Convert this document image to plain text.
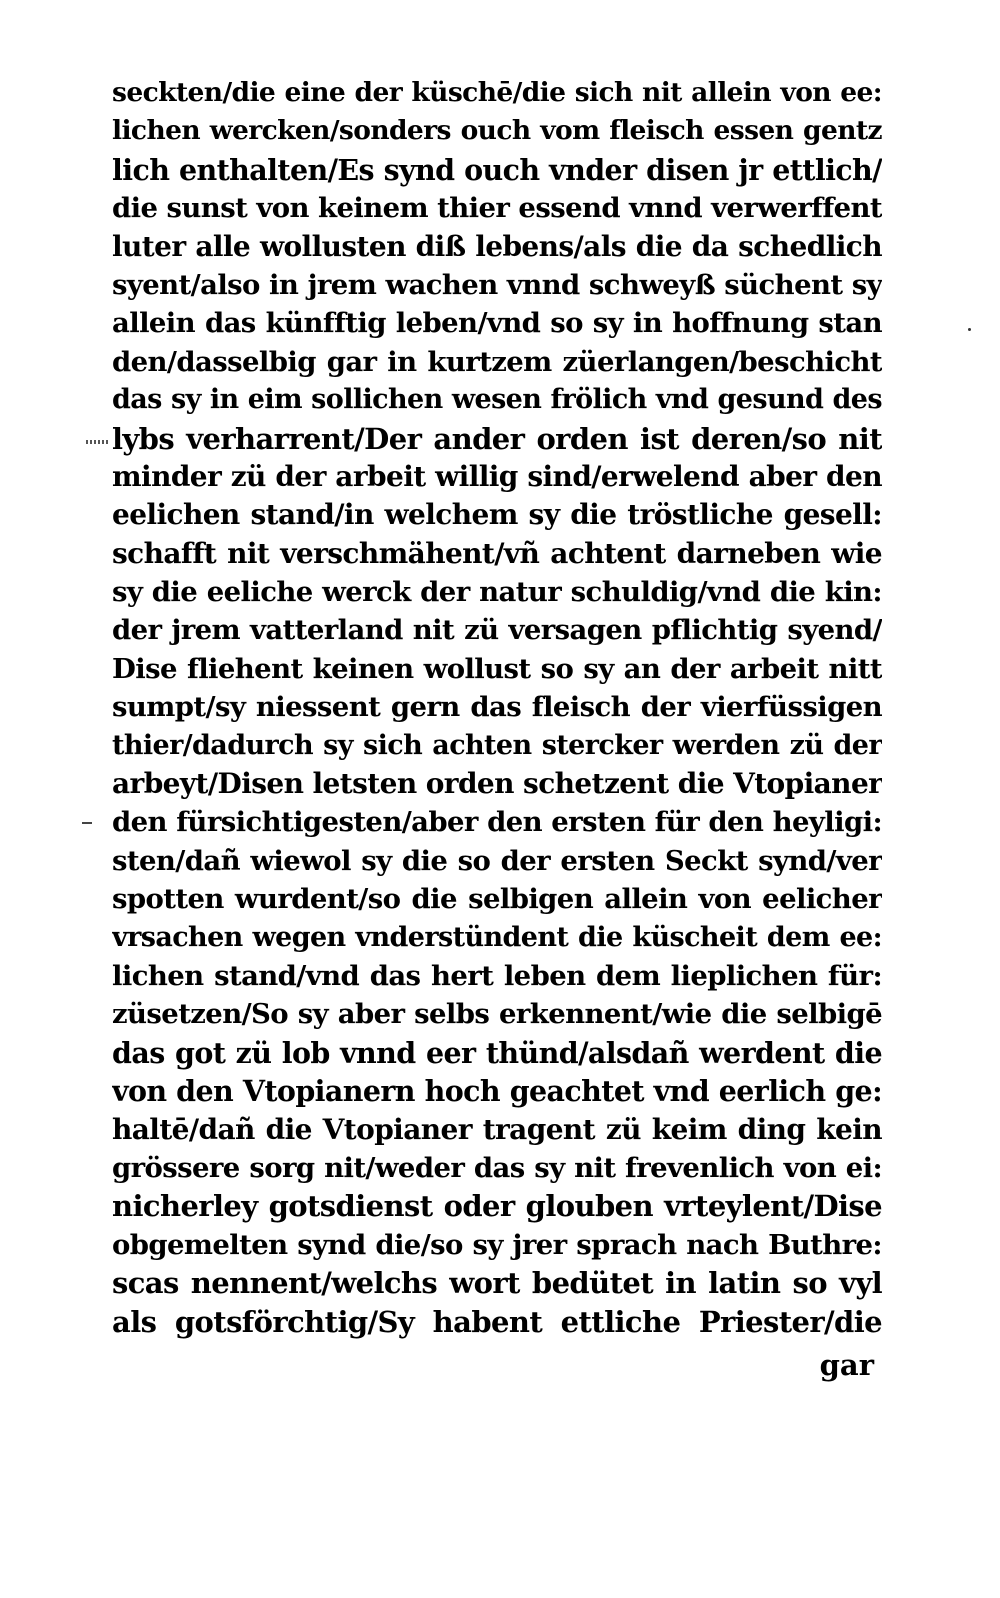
seckten/die eine der küschē/die sich nit allein von ee:
lichen wercken/sonders ouch vom fleisch essen gentz
lich enthalten/Es synd ouch vnder disen jr ettlich/
die sunst von keinem thier essend vnnd verwerffent
luter alle wollusten diß lebens/als die da schedlich
syent/also in jrem wachen vnnd schweyß süchent sy
allein das künfftig leben/vnd so sy in hoffnung stan
den/dasselbig gar in kurtzem züerlangen/beschicht
das sy in eim sollichen wesen frölich vnd gesund des
lybs verharrent/Der ander orden ist deren/so nit
minder zü der arbeit willig sind/erwelend aber den
eelichen stand/in welchem sy die tröstliche gesell:
schafft nit verschmähent/vñ achtent darneben wie
sy die eeliche werck der natur schuldig/vnd die kin:
der jrem vatterland nit zü versagen pflichtig syend/
Dise fliehent keinen wollust so sy an der arbeit nitt
sumpt/sy niessent gern das fleisch der vierfüssigen
thier/dadurch sy sich achten stercker werden zü der
arbeyt/Disen letsten orden schetzent die Vtopianer
den fürsichtigesten/aber den ersten für den heyligi:
sten/dañ wiewol sy die so der ersten Seckt synd/ver
spotten wurdent/so die selbigen allein von eelicher
vrsachen wegen vnderstündent die küscheit dem ee:
lichen stand/vnd das hert leben dem lieplichen für:
züsetzen/So sy aber selbs erkennent/wie die selbigē
das got zü lob vnnd eer thünd/alsdañ werdent die
von den Vtopianern hoch geachtet vnd eerlich ge:
haltē/dañ die Vtopianer tragent zü keim ding kein
grössere sorg nit/weder das sy nit frevenlich von ei:
nicherley gotsdienst oder glouben vrteylent/Dise
obgemelten synd die/so sy jrer sprach nach Buthre:
scas nennent/welchs wort bedütet in latin so vyl
als gotsförchtig/Sy habent ettliche Priester/die
gar
